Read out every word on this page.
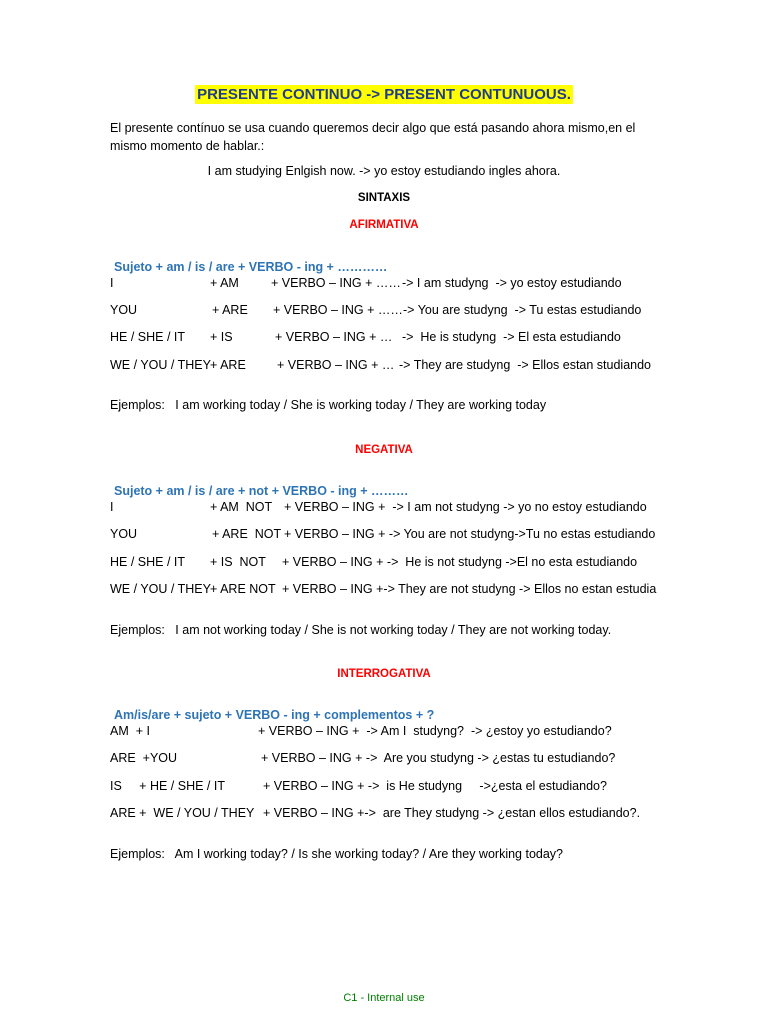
PRESENTE CONTINUO -> PRESENT CONTUNUOUS.
El presente contínuo se usa cuando queremos decir algo que está pasando ahora mismo,en el
mismo momento de hablar.:
I am studying Enlgish now. -> yo estoy estudiando ingles ahora.
SINTAXIS
AFIRMATIVA
Sujeto + am / is / are + VERBO - ing + …………
I	+ AM	+ VERBO – ING + …… -> I am studyng  -> yo estoy estudiando
YOU	+ ARE + VERBO – ING + …… -> You are studyng  -> Tu estas estudiando
HE / SHE / IT + IS	+ VERBO – ING + … ->  He is studyng  -> El esta estudiando
WE / YOU / THEY + ARE + VERBO – ING + … -> They are studyng  -> Ellos estan studiando
Ejemplos:   I am working today / She is working today / They are working today
NEGATIVA
Sujeto + am / is / are + not + VERBO - ing + ………
I	+ AM  NOT + VERBO – ING +  -> I am not studyng -> yo no estoy estudiando
YOU	+ ARE  NOT + VERBO – ING + -> You are not studyng->Tu no estas estudiando
HE / SHE / IT + IS  NOT + VERBO – ING + ->  He is not studyng ->El no esta estudiando
WE / YOU / THEY + ARE NOT + VERBO – ING +-> They are not studyng -> Ellos no estan estudia
Ejemplos:   I am not working today / She is not working today / They are not working today.
INTERROGATIVA
Am/is/are + sujeto + VERBO - ing + complementos + ?
AM  + I	+ VERBO – ING +  -> Am I  studyng?  -> ¿estoy yo estudiando?
ARE  +YOU	+ VERBO – ING + ->  Are you studyng -> ¿estas tu estudiando?
IS     + HE / SHE / IT	+ VERBO – ING + ->  is He studyng     ->¿esta el estudiando?
ARE +  WE / YOU / THEY + VERBO – ING +->  are They studyng -> ¿estan ellos estudiando?.
Ejemplos:   Am I working today? / Is she working today? / Are they working today?
C1 - Internal use
